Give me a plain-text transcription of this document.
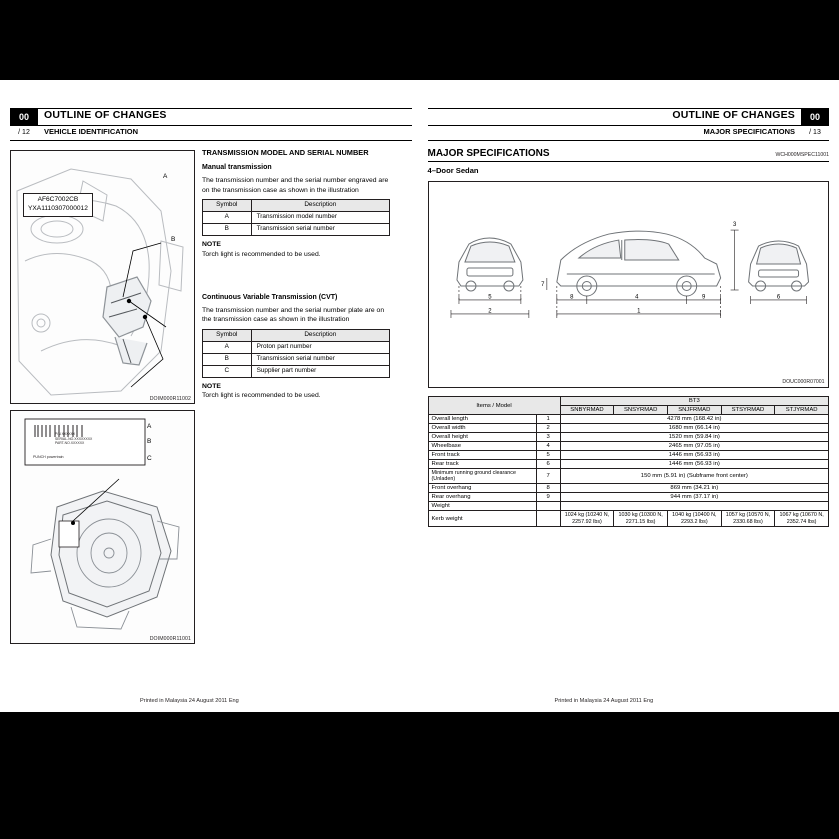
00
/ 12
OUTLINE OF CHANGES
VEHICLE IDENTIFICATION
AF6C7002CB
YXA1110307000012
A
B
DOIM000R11002
A
B
C
P/N XXXXXX
SERIAL-NO.XXXXXXXX
PART-NO.XXXXXX
PUNCH powertrain
DOIM000R11001
TRANSMISSION MODEL AND SERIAL NUMBER
Manual transmission

The transmission number and the serial number engraved are on the transmission case as shown in the illustration

Symbol	Description
A	Transmission model number
B	Transmission serial number
NOTE

Torch light is recommended to be used.

Continuous Variable Transmission (CVT)

The transmission number and the serial number plate are on the transmission case as shown in the illustration

Symbol	Description
A	Proton part number
B	Transmission serial number
C	Supplier part number
NOTE

Torch light is recommended to be used.

Printed in Malaysia 24 August 2011 Eng
00
/ 13
OUTLINE OF CHANGES
MAJOR SPECIFICATIONS
MAJOR SPECIFICATIONS	WCH000MSPEC11001
4–Door Sedan
5
2
8	4	9
1
6
3
7
DOUC000R07001
Items / Model		BT3				
		SNBYRMAD	SNSYRMAD	SNJFRMAD	STSYRMAD	STJYRMAD
Overall length	1	4278 mm (168.42 in)				
Overall width	2	1680 mm (66.14 in)				
Overall height	3	1520 mm (59.84 in)				
Wheelbase	4	2465 mm (97.05 in)				
Front track	5	1446 mm (56.93 in)				
Rear track	6	1446 mm (56.93 in)				
Minimum running ground clearance (Unladen)	7	150 mm (5.91 in) (Subframe front center)				
Front overhang	8	869 mm (34.21 in)				
Rear overhang	9	944 mm (37.17 in)				
Weight						
Kerb weight		1024 kg (10240 N, 2257.92 lbs)	1030 kg (10300 N, 2271.15 lbs)	1040 kg (10400 N, 2293.2 lbs)	1057 kg (10570 N, 2330.68 lbs)	1067 kg (10670 N, 2352.74 lbs)
Printed in Malaysia 24 August 2011 Eng
